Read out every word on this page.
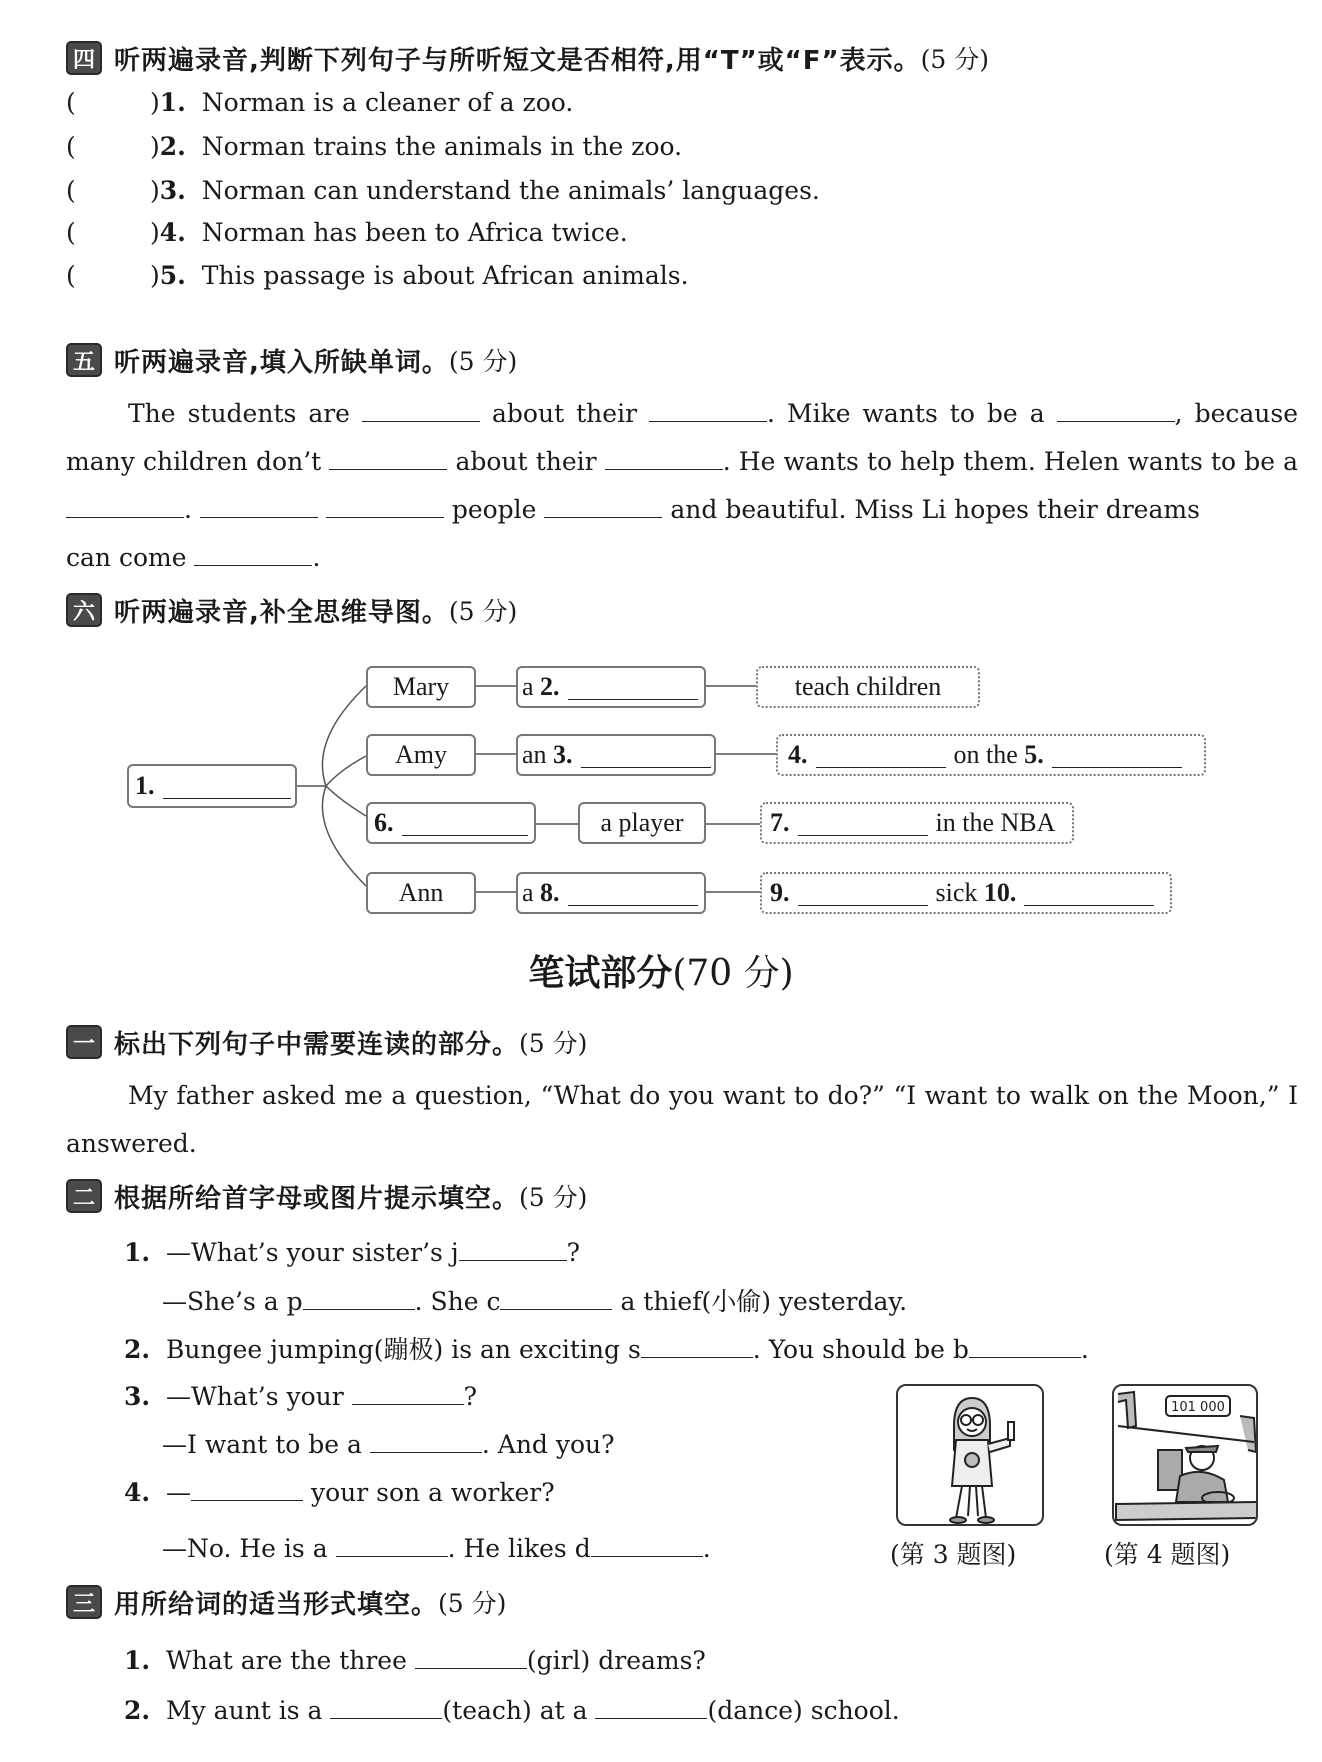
四 听两遍录音,判断下列句子与所听短文是否相符,用“T”或“F”表示。 (5 分)
(	)1. Norman is a cleaner of a zoo.
(	)2. Norman trains the animals in the zoo.
(	)3. Norman can understand the animals’ languages.
(	)4. Norman has been to Africa twice.
(	)5. This passage is about African animals.
五 听两遍录音,填入所缺单词。 (5 分)
The students are	about their	. Mike wants to be a	, because many children don’t	about their	. He wants to help them. Helen wants to be a .	people	and beautiful. Miss Li hopes their dreams
can come	.
六 听两遍录音,补全思维导图。 (5 分)
1.
Mary	a
2.	teach children
Amy	an
3.	4.	on the
5.
6.	a player	7.	in the NBA
Ann	a
8.	9.	sick
10.
笔试部分(70 分)
一 标出下列句子中需要连读的部分。 (5 分)
My father asked me a question, “What do you want to do?” “I want to walk on the Moon,” I answered.
二 根据所给首字母或图片提示填空。 (5 分)
1. —What’s your sister’s j	?
—She’s a p	. She c	a thief(小偷) yesterday.
2. Bungee jumping(蹦极) is an exciting s	. You should be b	.
3. —What’s your	?
—I want to be a	. And you?
4. —	your son a worker?
—No. He is a	. He likes d	.
101 000
(第 3 题图)	(第 4 题图)
三 用所给词的适当形式填空。 (5 分)
1. What are the three	(girl) dreams?
2. My aunt is a	(teach) at a	(dance) school.
